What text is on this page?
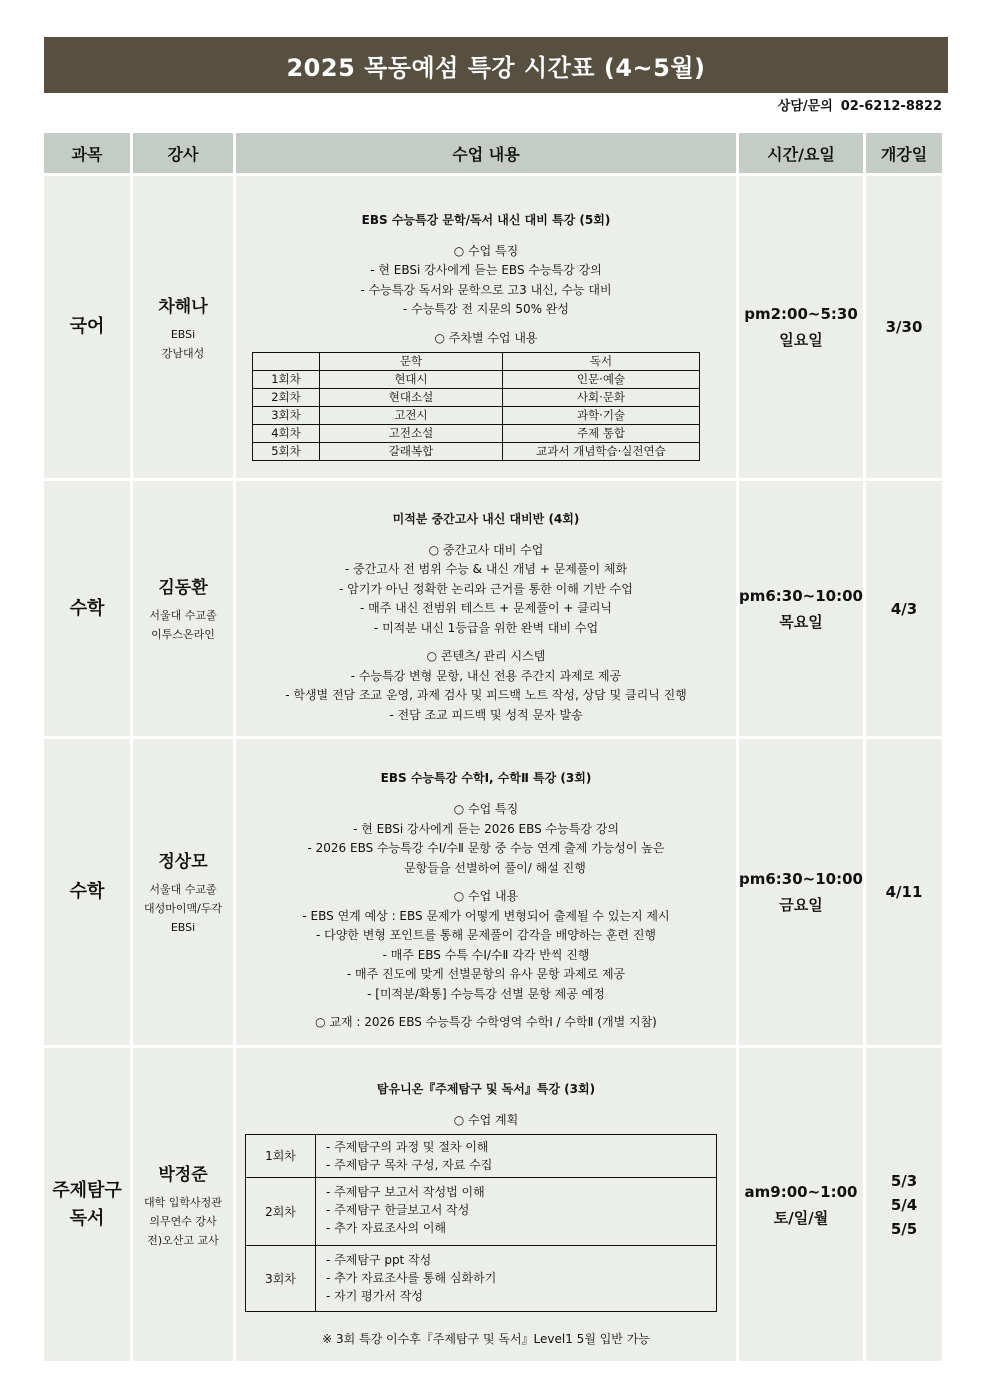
2025 목동예섬 특강 시간표 (4~5월)
상담/문의 02-6212-8822
과목	강사	수업 내용	시간/요일	개강일

국어

차해나
EBSi
강남대성

EBS 수능특강 문학/독서 내신 대비 특강 (5회)
○ 수업 특징
- 현 EBSi 강사에게 듣는 EBS 수능특강 강의
- 수능특강 독서와 문학으로 고3 내신, 수능 대비
- 수능특강 전 지문의 50% 완성
○ 주차별 수업 내용
	문학	독서
1회차	현대시	인문·예술
2회차	현대소설	사회·문화
3회차	고전시	과학·기술
4회차	고전소설	주제 통합
5회차	갈래복합	교과서 개념학습·실전연습

pm2:00~5:30
일요일

3/30

수학

김동환
서울대 수교졸
이투스온라인

미적분 중간고사 내신 대비반 (4회)
○ 중간고사 대비 수업
- 중간고사 전 범위 수능 & 내신 개념 + 문제풀이 체화
- 암기가 아닌 정확한 논리와 근거를 통한 이해 기반 수업
- 매주 내신 전범위 테스트 + 문제풀이 + 클리닉
- 미적분 내신 1등급을 위한 완벽 대비 수업
○ 콘텐츠/ 관리 시스템
- 수능특강 변형 문항, 내신 전용 주간지 과제로 제공
- 학생별 전담 조교 운영, 과제 검사 및 피드백 노트 작성, 상담 및 클리닉 진행
- 전담 조교 피드백 및 성적 문자 발송

pm6:30~10:00
목요일

4/3

수학

정상모
서울대 수교졸
대성마이맥/두각
EBSi

EBS 수능특강 수학Ⅰ, 수학Ⅱ 특강 (3회)
○ 수업 특징
- 현 EBSi 강사에게 듣는 2026 EBS 수능특강 강의
- 2026 EBS 수능특강 수Ⅰ/수Ⅱ 문항 중 수능 연계 출제 가능성이 높은
문항들을 선별하여 풀이/ 해설 진행
○ 수업 내용
- EBS 연계 예상 : EBS 문제가 어떻게 변형되어 출제될 수 있는지 제시
- 다양한 변형 포인트를 통해 문제풀이 감각을 배양하는 훈련 진행
- 매주 EBS 수특 수Ⅰ/수Ⅱ 각각 반씩 진행
- 매주 진도에 맞게 선별문항의 유사 문항 과제로 제공
- [미적분/확통] 수능특강 선별 문항 제공 예정
○ 교재 : 2026 EBS 수능특강 수학영역 수학Ⅰ / 수학Ⅱ (개별 지참)

pm6:30~10:00
금요일

4/11

주제탐구
독서

박정준
대학 입학사정관
의무연수 강사
전)오산고 교사

탐유니온『주제탐구 및 독서』특강 (3회)
○ 수업 계획
1회차	
- 주제탐구의 과정 및 절차 이해
- 주제탐구 목차 구성, 자료 수집

2회차	
- 주제탐구 보고서 작성법 이해
- 주제탐구 한글보고서 작성
- 추가 자료조사의 이해

3회차	
- 주제탐구 ppt 작성
- 추가 자료조사를 통해 심화하기
- 자기 평가서 작성
※ 3회 특강 이수후『주제탐구 및 독서』Level1 5월 입반 가능

am9:00~1:00
토/일/월

5/3
5/4
5/5
